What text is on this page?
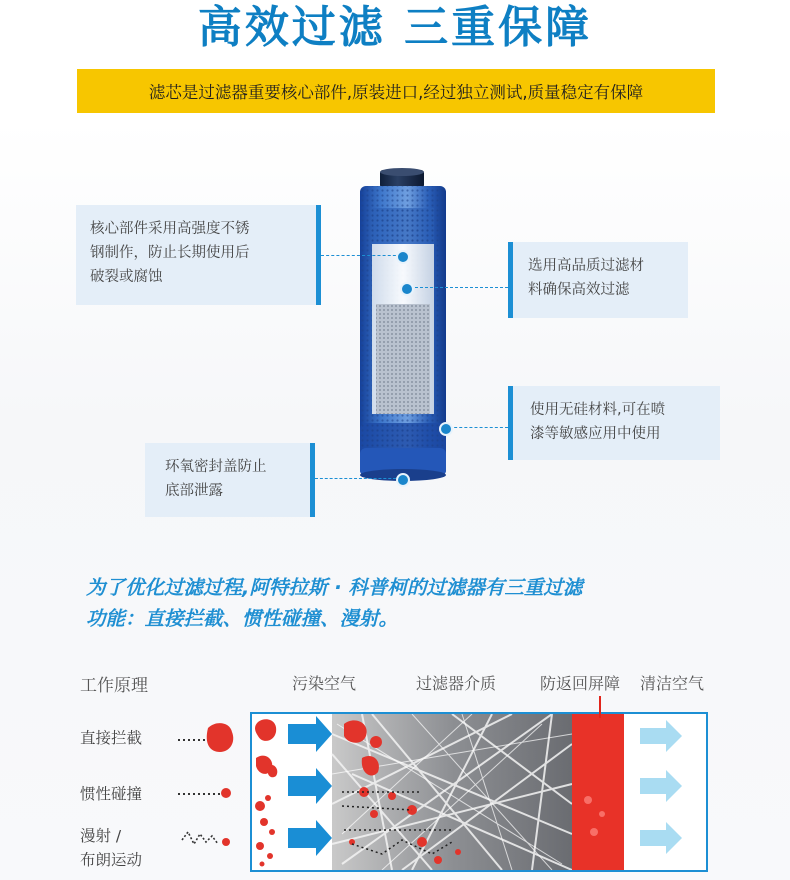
高效过滤 三重保障
滤芯是过滤器重要核心部件,原装进口,经过独立测试,质量稳定有保障
核心部件采用高强度不锈
钢制作，防止长期使用后
破裂或腐蚀
选用高品质过滤材
料确保高效过滤
使用无硅材料,可在喷
漆等敏感应用中使用
环氧密封盖防止
底部泄露
为了优化过滤过程,阿特拉斯 · 科普柯的过滤器有三重过滤
功能：直接拦截、惯性碰撞、漫射。
工作原理	污染空气	过滤器介质	防返回屏障 清洁空气
直接拦截
惯性碰撞
漫射 /
布朗运动
